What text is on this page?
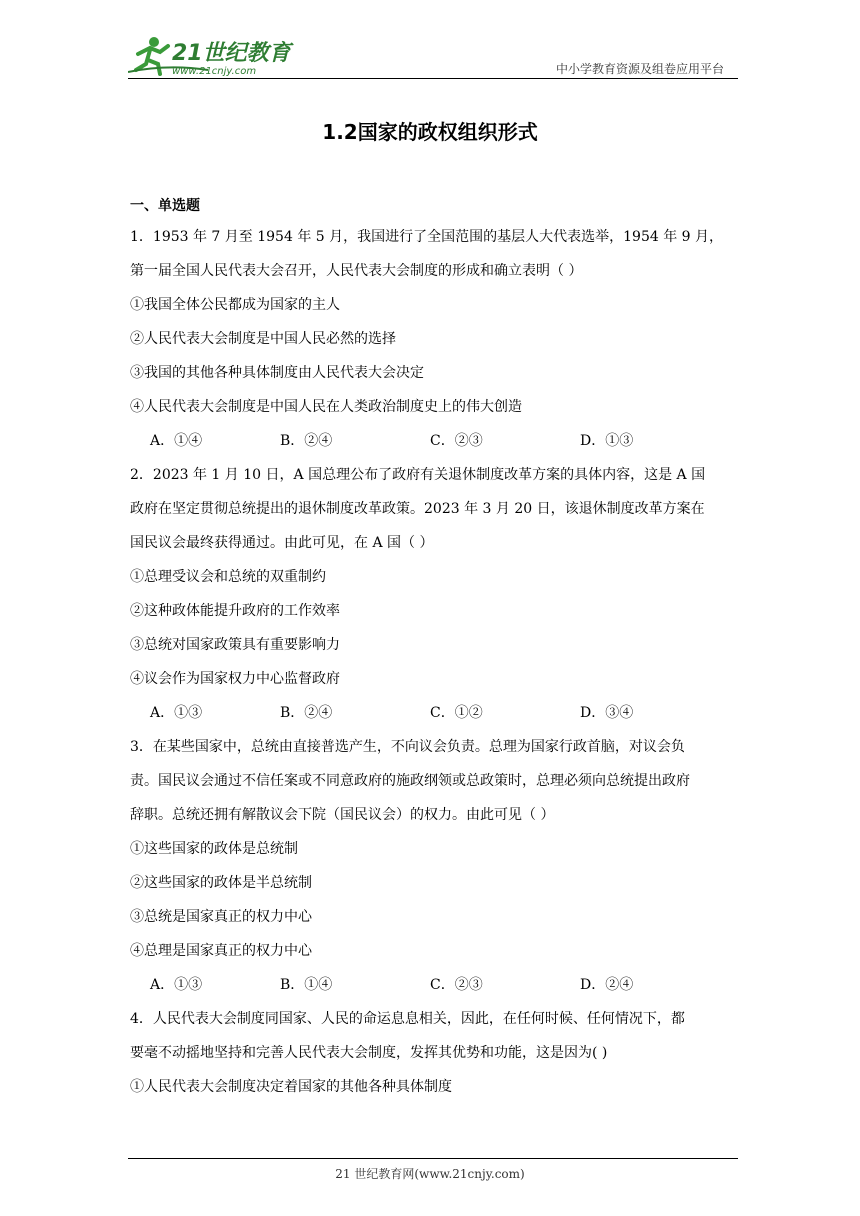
21世纪教育
www.21cnjy.com	中小学教育资源及组卷应用平台
1.2国家的政权组织形式
一、单选题
1．1953 年 7 月至 1954 年 5 月，我国进行了全国范围的基层人大代表选举，1954 年 9 月，
第一届全国人民代表大会召开，人民代表大会制度的形成和确立表明（ ）
①我国全体公民都成为国家的主人
②人民代表大会制度是中国人民必然的选择
③我国的其他各种具体制度由人民代表大会决定
④人民代表大会制度是中国人民在人类政治制度史上的伟大创造
A．①④	B．②④	C．②③	D．①③
2．2023 年 1 月 10 日，A 国总理公布了政府有关退休制度改革方案的具体内容，这是 A 国
政府在坚定贯彻总统提出的退休制度改革政策。2023 年 3 月 20 日，该退休制度改革方案在
国民议会最终获得通过。由此可见，在 A 国（ ）
①总理受议会和总统的双重制约
②这种政体能提升政府的工作效率
③总统对国家政策具有重要影响力
④议会作为国家权力中心监督政府
A．①③	B．②④	C．①②	D．③④
3．在某些国家中，总统由直接普选产生，不向议会负责。总理为国家行政首脑，对议会负
责。国民议会通过不信任案或不同意政府的施政纲领或总政策时，总理必须向总统提出政府
辞职。总统还拥有解散议会下院（国民议会）的权力。由此可见（ ）
①这些国家的政体是总统制
②这些国家的政体是半总统制
③总统是国家真正的权力中心
④总理是国家真正的权力中心
A．①③	B．①④	C．②③	D．②④
4．人民代表大会制度同国家、人民的命运息息相关，因此，在任何时候、任何情况下，都
要毫不动摇地坚持和完善人民代表大会制度，发挥其优势和功能，这是因为( )
①人民代表大会制度决定着国家的其他各种具体制度
21 世纪教育网(www.21cnjy.com)
